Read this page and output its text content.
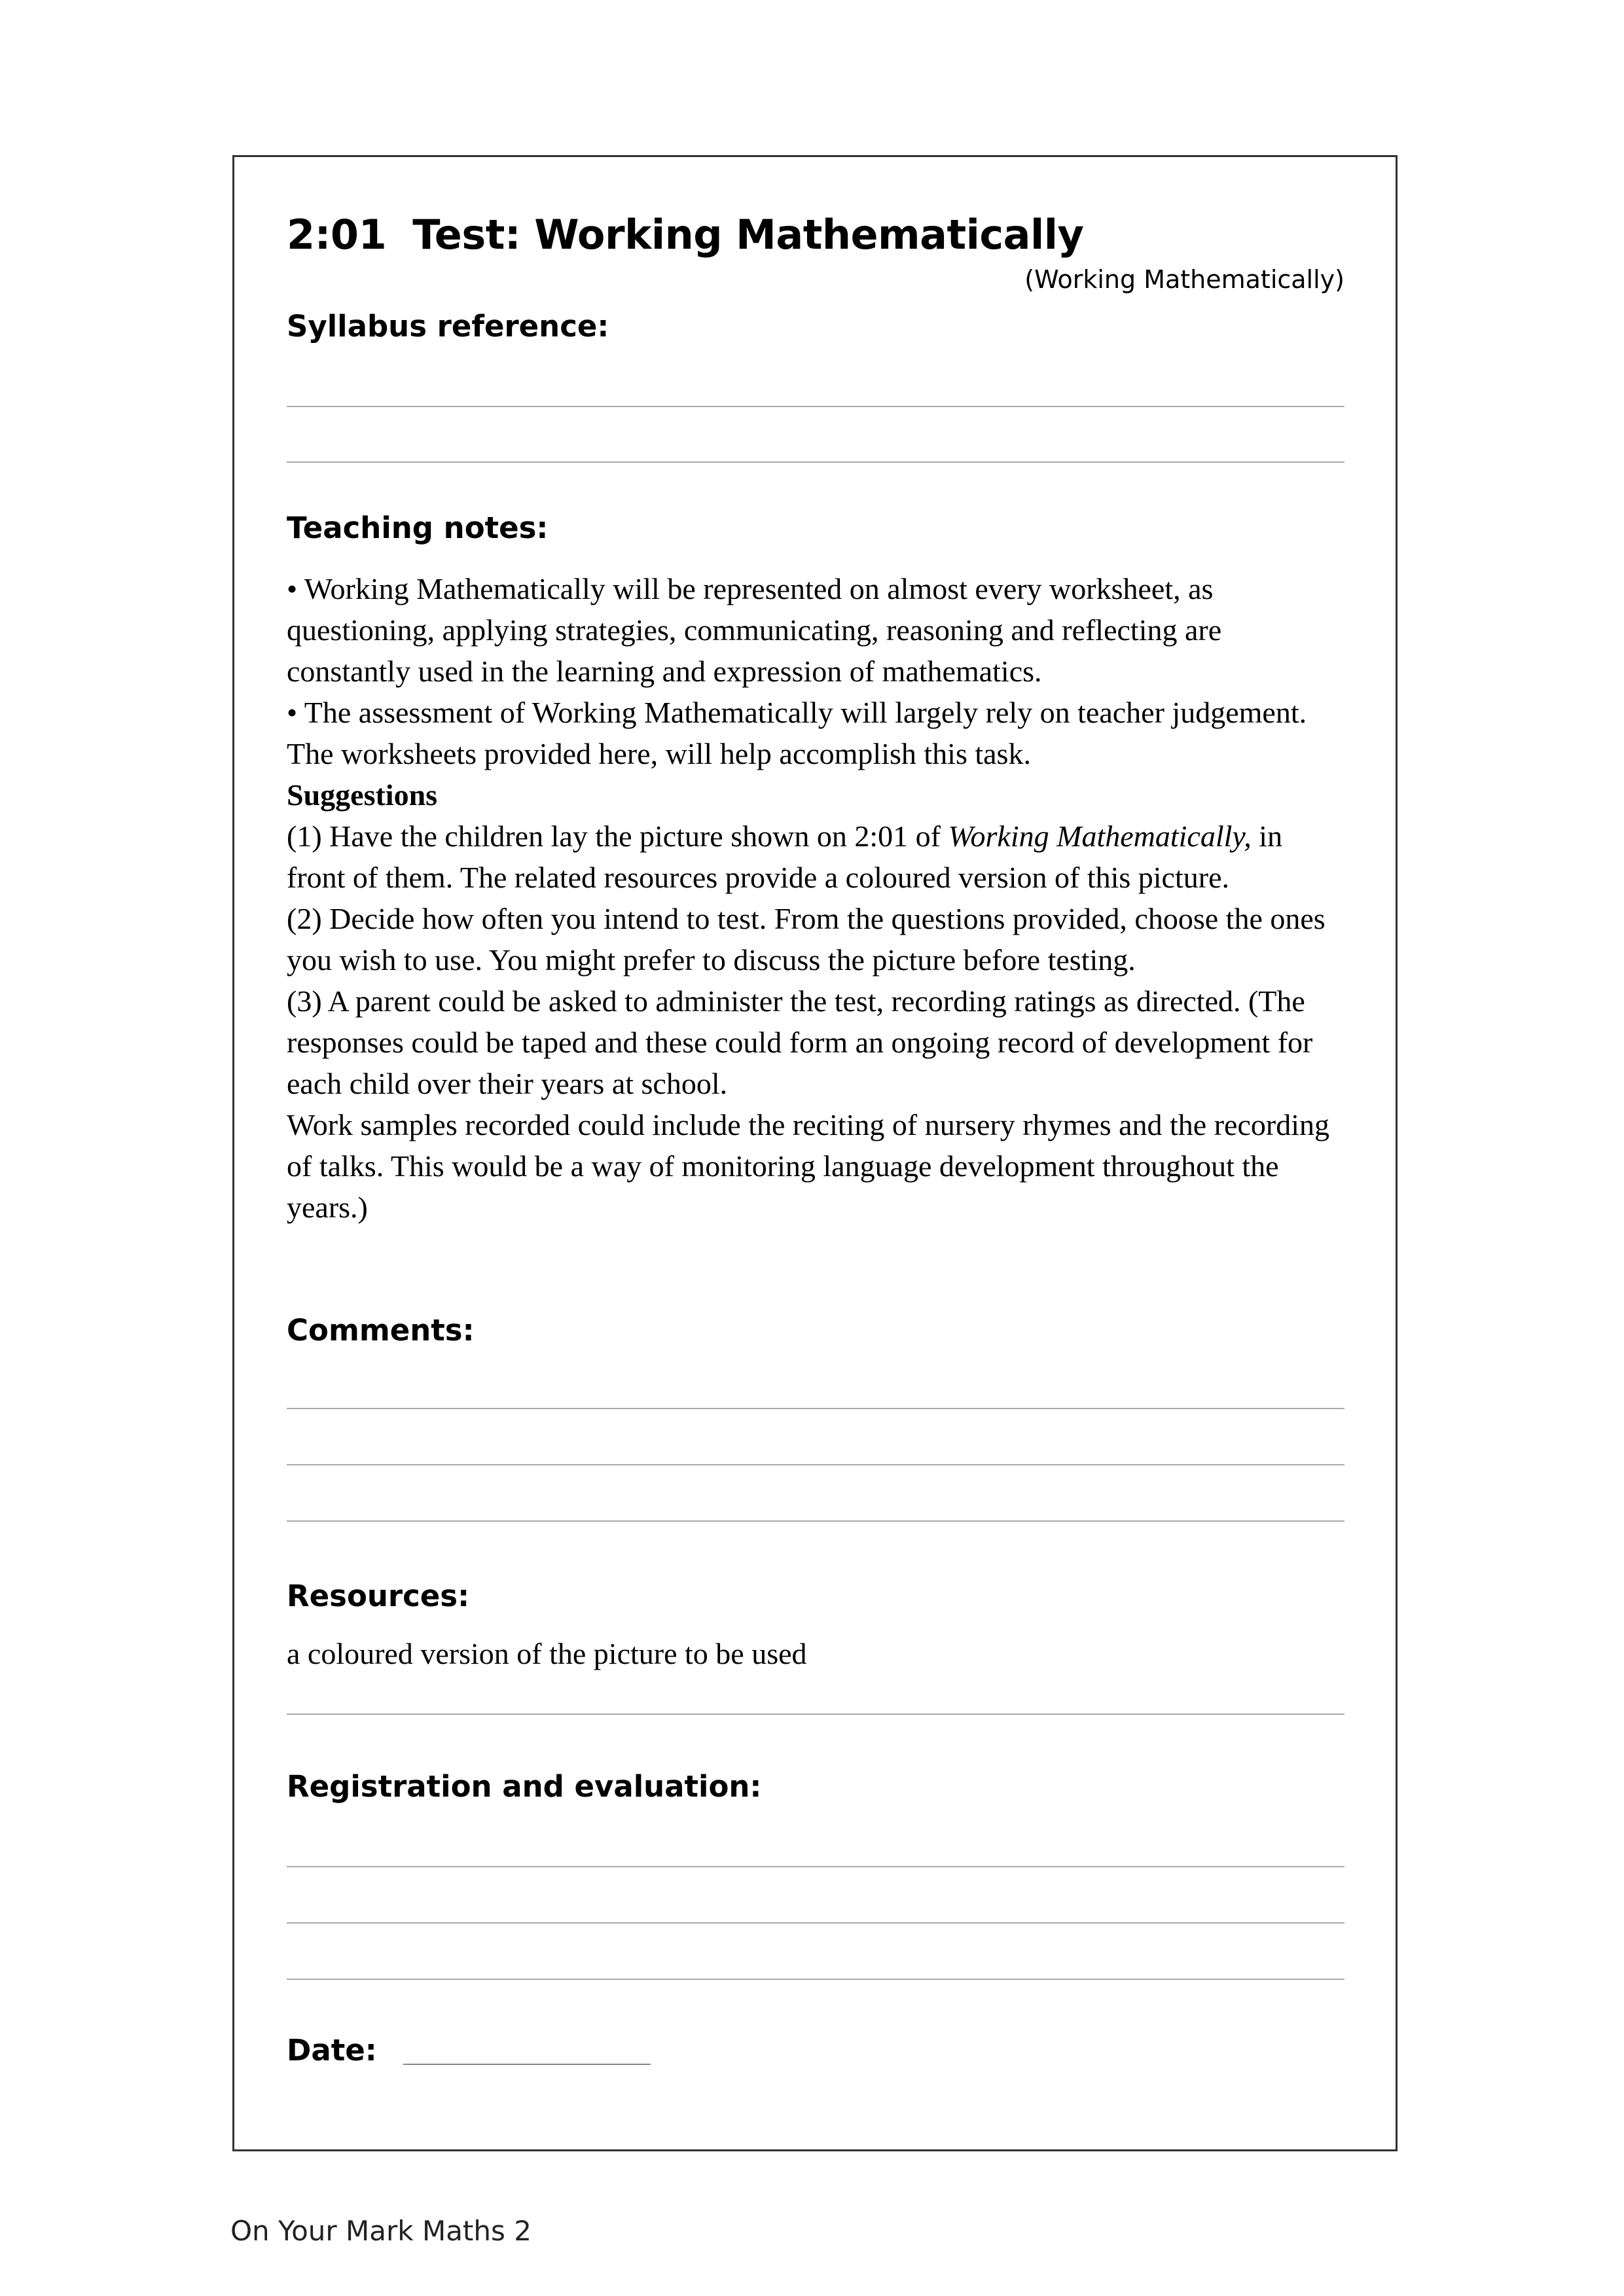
2:01 Test: Working Mathematically
(Working Mathematically)
Syllabus reference:
Teaching notes:

• Working Mathematically will be represented on almost every worksheet, as questioning, applying strategies, communicating, reasoning and reflecting are constantly used in the learning and expression of mathematics.

• The assessment of Working Mathematically will largely rely on teacher judgement. The worksheets provided here, will help accomplish this task.

Suggestions

(1) Have the children lay the picture shown on 2:01 of Working Mathematically, in front of them. The related resources provide a coloured version of this picture.

(2) Decide how often you intend to test. From the questions provided, choose the ones you wish to use. You might prefer to discuss the picture before testing.

(3) A parent could be asked to administer the test, recording ratings as directed. (The responses could be taped and these could form an ongoing record of development for each child over their years at school.

Work samples recorded could include the reciting of nursery rhymes and the recording of talks. This would be a way of monitoring language development throughout the years.)

Comments:
Resources:
a coloured version of the picture to be used
Registration and evaluation:
Date:
On Your Mark Maths 2
